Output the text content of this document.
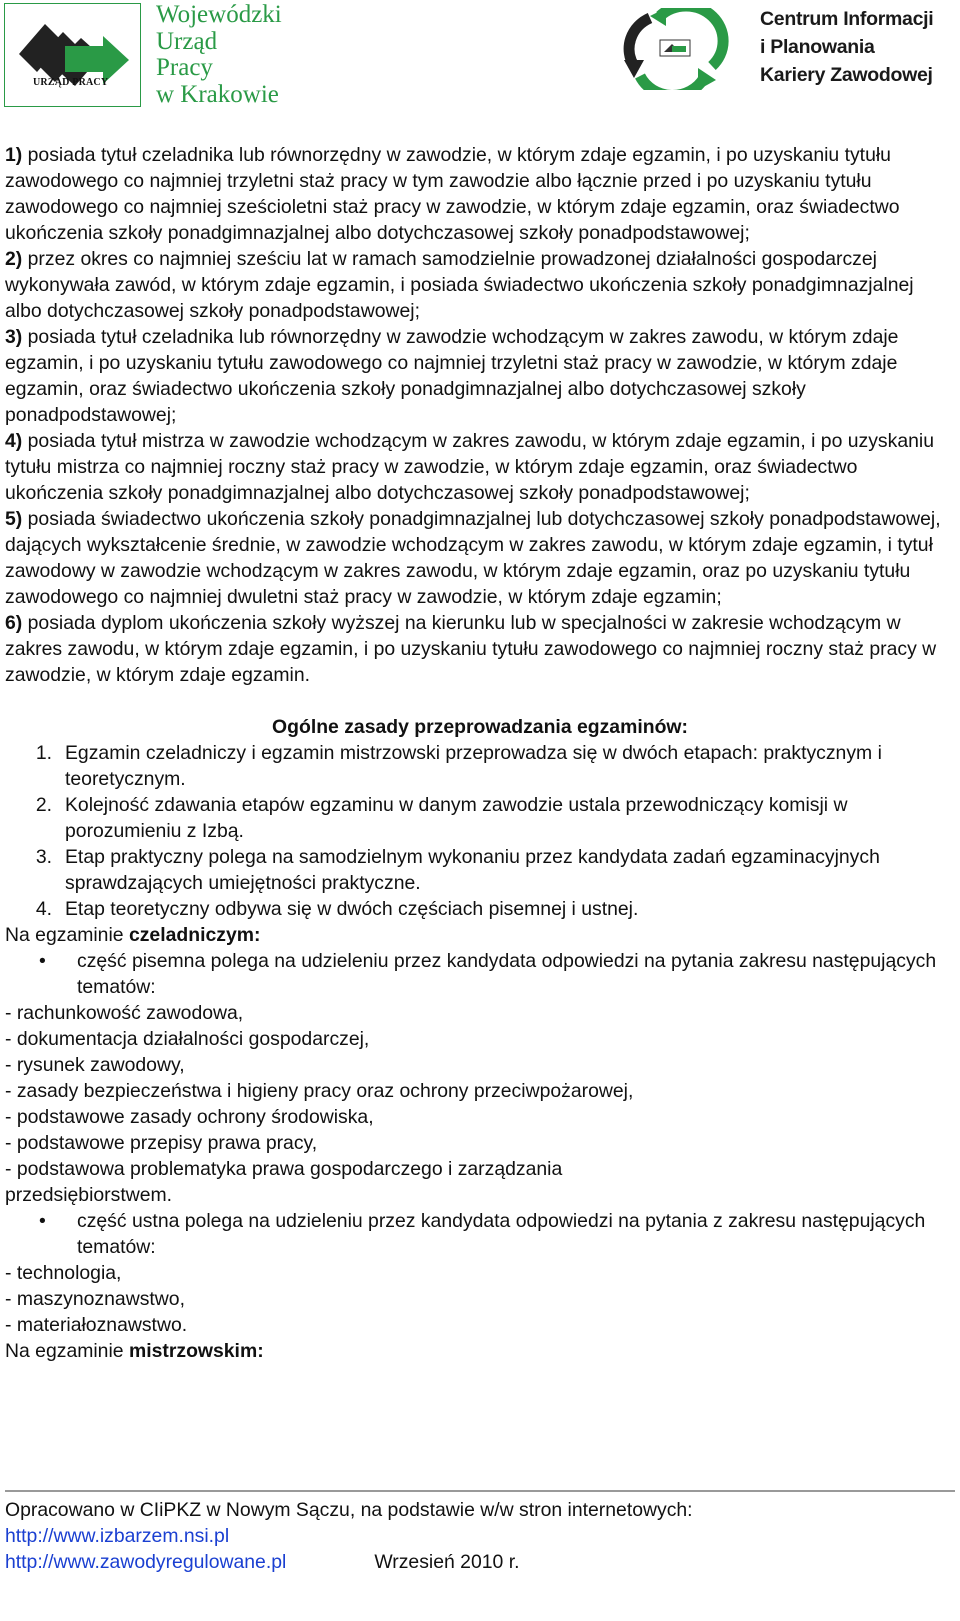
URZĄD PRACY
Wojewódzki
Urząd
Pracy
w Krakowie
Centrum Informacji
i Planowania
Kariery Zawodowej

1) posiada tytuł czeladnika lub równorzędny w zawodzie, w którym zdaje egzamin, i po uzyskaniu tytułu zawodowego co najmniej trzyletni staż pracy w tym zawodzie albo łącznie przed i po uzyskaniu tytułu zawodowego co najmniej sześcioletni staż pracy w zawodzie, w którym zdaje egzamin, oraz świadectwo ukończenia szkoły ponadgimnazjalnej albo dotychczasowej szkoły ponadpodstawowej;

2) przez okres co najmniej sześciu lat w ramach samodzielnie prowadzonej działalności gospodarczej wykonywała zawód, w którym zdaje egzamin, i posiada świadectwo ukończenia szkoły ponadgimnazjalnej albo dotychczasowej szkoły ponadpodstawowej;

3) posiada tytuł czeladnika lub równorzędny w zawodzie wchodzącym w zakres zawodu, w którym zdaje egzamin, i po uzyskaniu tytułu zawodowego co najmniej trzyletni staż pracy w zawodzie, w którym zdaje egzamin, oraz świadectwo ukończenia szkoły ponadgimnazjalnej albo dotychczasowej szkoły ponadpodstawowej;

4) posiada tytuł mistrza w zawodzie wchodzącym w zakres zawodu, w którym zdaje egzamin, i po uzyskaniu tytułu mistrza co najmniej roczny staż pracy w zawodzie, w którym zdaje egzamin, oraz świadectwo ukończenia szkoły ponadgimnazjalnej albo dotychczasowej szkoły ponadpodstawowej;

5) posiada świadectwo ukończenia szkoły ponadgimnazjalnej lub dotychczasowej szkoły ponadpodstawowej, dających wykształcenie średnie, w zawodzie wchodzącym w zakres zawodu, w którym zdaje egzamin, i tytuł zawodowy w zawodzie wchodzącym w zakres zawodu, w którym zdaje egzamin, oraz po uzyskaniu tytułu zawodowego co najmniej dwuletni staż pracy w zawodzie, w którym zdaje egzamin;

6) posiada dyplom ukończenia szkoły wyższej na kierunku lub w specjalności w zakresie wchodzącym w zakres zawodu, w którym zdaje egzamin, i po uzyskaniu tytułu zawodowego co najmniej roczny staż pracy w zawodzie, w którym zdaje egzamin.

Ogólne zasady przeprowadzania egzaminów:

1. Egzamin czeladniczy i egzamin mistrzowski przeprowadza się w dwóch etapach: praktycznym i teoretycznym.
2. Kolejność zdawania etapów egzaminu w danym zawodzie ustala przewodniczący komisji w porozumieniu z Izbą.
3. Etap praktyczny polega na samodzielnym wykonaniu przez kandydata zadań egzaminacyjnych sprawdzających umiejętności praktyczne.
4. Etap teoretyczny odbywa się w dwóch częściach pisemnej i ustnej.

Na egzaminie czeladniczym:

•	część pisemna polega na udzieleniu przez kandydata odpowiedzi na pytania zakresu następujących tematów:

- rachunkowość zawodowa,

- dokumentacja działalności gospodarczej,

- rysunek zawodowy,

- zasady bezpieczeństwa i higieny pracy oraz ochrony przeciwpożarowej,

- podstawowe zasady ochrony środowiska,

- podstawowe przepisy prawa pracy,

- podstawowa problematyka prawa gospodarczego i zarządzania przedsiębiorstwem.

•	część ustna polega na udzieleniu przez kandydata odpowiedzi na pytania z zakresu następujących tematów:

- technologia,

- maszynoznawstwo,

- materiałoznawstwo.

Na egzaminie mistrzowskim:

Opracowano w CIiPKZ w Nowym Sączu, na podstawie w/w stron internetowych:
http://www.izbarzem.nsi.pl
http://www.zawodyregulowane.pl	Wrzesień 2010 r.
